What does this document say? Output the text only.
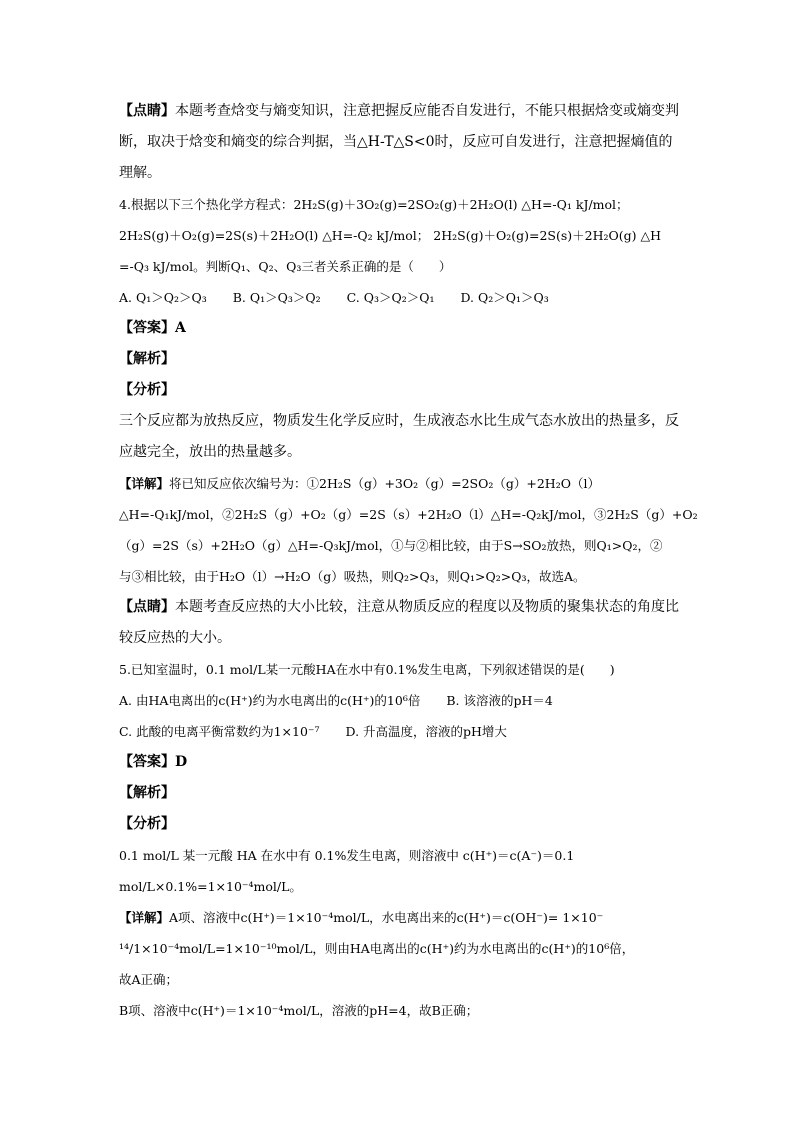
【点睛】本题考查焓变与熵变知识，注意把握反应能否自发进行，不能只根据焓变或熵变判
断，取决于焓变和熵变的综合判据，当△H-T△S<0时，反应可自发进行，注意把握熵值的
理解。
4.根据以下三个热化学方程式：2H₂S(g)＋3O₂(g)=2SO₂(g)＋2H₂O(l) △H=-Q₁ kJ/mol；
2H₂S(g)＋O₂(g)=2S(s)＋2H₂O(l) △H=-Q₂ kJ/mol； 2H₂S(g)＋O₂(g)=2S(s)＋2H₂O(g) △H
=-Q₃ kJ/mol。判断Q₁、Q₂、Q₃三者关系正确的是（　　）
A. Q₁＞Q₂＞Q₃ B. Q₁＞Q₃＞Q₂ C. Q₃＞Q₂＞Q₁ D. Q₂＞Q₁＞Q₃
【答案】A
【解析】
【分析】
三个反应都为放热反应，物质发生化学反应时，生成液态水比生成气态水放出的热量多，反
应越完全，放出的热量越多。
【详解】将已知反应依次编号为：①2H₂S（g）+3O₂（g）=2SO₂（g）+2H₂O（l）
△H=-Q₁kJ/mol，②2H₂S（g）+O₂（g）=2S（s）+2H₂O（l）△H=-Q₂kJ/mol，③2H₂S（g）+O₂
（g）=2S（s）+2H₂O（g）△H=-Q₃kJ/mol，①与②相比较，由于S→SO₂放热，则Q₁>Q₂，②
与③相比较，由于H₂O（l）→H₂O（g）吸热，则Q₂>Q₃，则Q₁>Q₂>Q₃，故选A。
【点睛】本题考查反应热的大小比较，注意从物质反应的程度以及物质的聚集状态的角度比
较反应热的大小。
5.已知室温时，0.1 mol/L某一元酸HA在水中有0.1%发生电离，下列叙述错误的是(　　)
A. 由HA电离出的c(H⁺)约为水电离出的c(H⁺)的10⁶倍 B. 该溶液的pH＝4
C. 此酸的电离平衡常数约为1×10⁻⁷ D. 升高温度，溶液的pH增大
【答案】D
【解析】
【分析】
0.1 mol/L 某一元酸 HA 在水中有 0.1%发生电离，则溶液中 c(H⁺)＝c(A⁻)＝0.1
mol/L×0.1%=1×10⁻⁴mol/L。
【详解】A项、溶液中c(H⁺)＝1×10⁻⁴mol/L，水电离出来的c(H⁺)＝c(OH⁻)= 1×10⁻
¹⁴/1×10⁻⁴mol/L=1×10⁻¹⁰mol/L，则由HA电离出的c(H⁺)约为水电离出的c(H⁺)的10⁶倍，
故A正确；
B项、溶液中c(H⁺)＝1×10⁻⁴mol/L，溶液的pH=4，故B正确；
